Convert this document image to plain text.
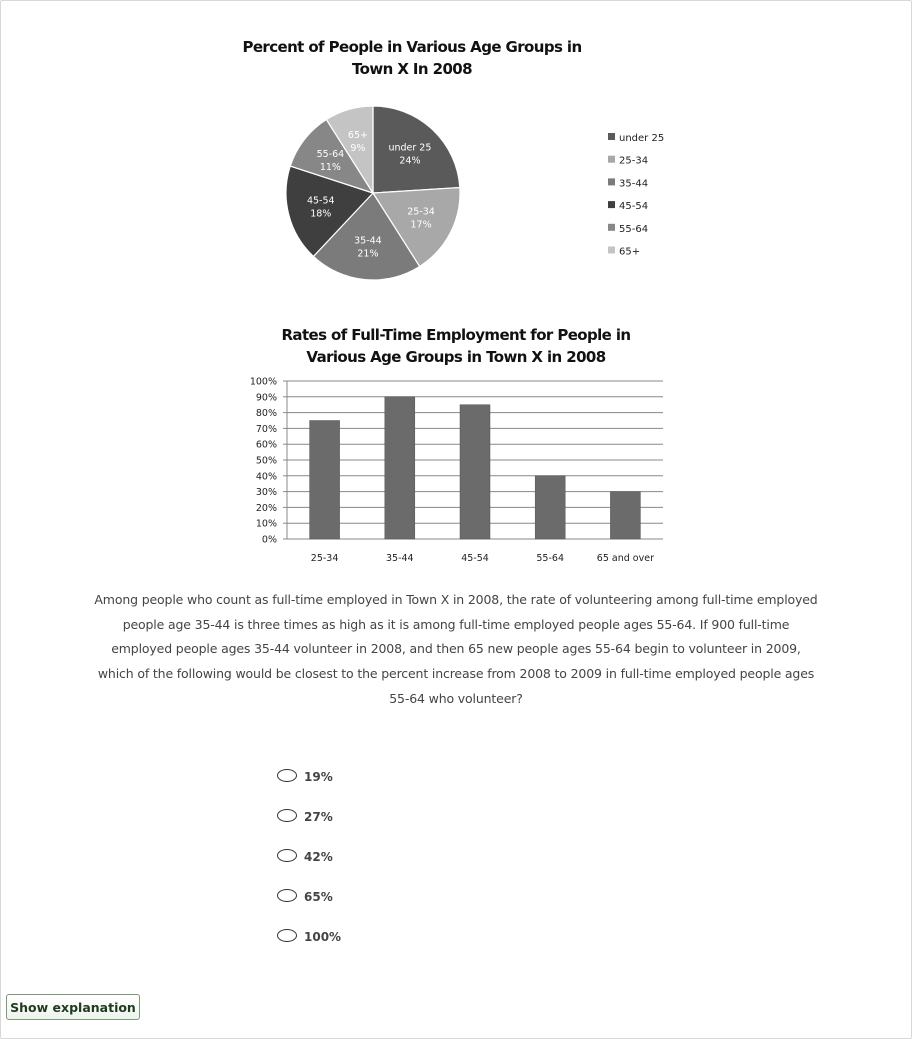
Percent of People in Various Age Groups in
Town X In 2008
under 25
24%
25-34
17%
35-44
21%
45-54
18%
55-64
11%
65+
9%
under 25
25-34
35-44
45-54
55-64
65+
Rates of Full-Time Employment for People in
Various Age Groups in Town X in 2008
0%
10%
20%
30%
40%
50%
60%
70%
80%
90%
100%
25-34	35-44	45-54	55-64	65 and over
Among people who count as full-time employed in Town X in 2008, the rate of volunteering among full-time employed
people age 35-44 is three times as high as it is among full-time employed people ages 55-64. If 900 full-time
employed people ages 35-44 volunteer in 2008, and then 65 new people ages 55-64 begin to volunteer in 2009,
which of the following would be closest to the percent increase from 2008 to 2009 in full-time employed people ages
55-64 who volunteer?
19%
27%
42%
65%
100%
Show explanation
